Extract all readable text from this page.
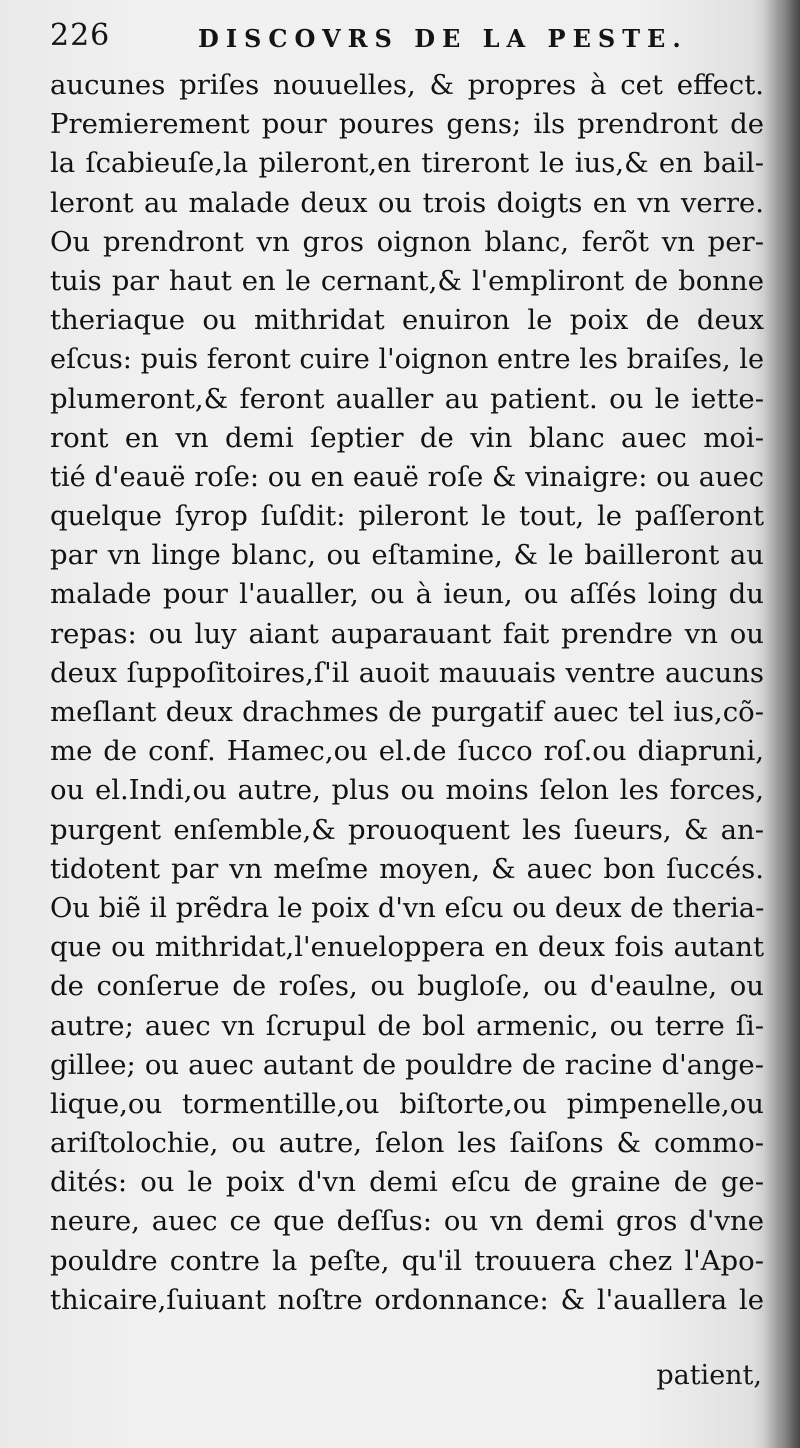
226	DISCOVRS DE LA PESTE.
aucunes priſes nouuelles, & propres à cet effect.
Premierement pour poures gens; ils prendront de
la ſcabieuſe,la pileront,en tireront le ius,& en bail-
leront au malade deux ou trois doigts en vn verre.
Ou prendront vn gros oignon blanc, ferõt vn per-
tuis par haut en le cernant,& l'empliront de bonne
theriaque ou mithridat enuiron le poix de deux
eſcus: puis feront cuire l'oignon entre les braiſes, le
plumeront,& feront aualler au patient. ou le iette-
ront en vn demi ſeptier de vin blanc auec moi-
tié d'eauë roſe: ou en eauë roſe & vinaigre: ou auec
quelque ſyrop ſuſdit: pileront le tout, le paſſeront
par vn linge blanc, ou eſtamine, & le bailleront au
malade pour l'aualler, ou à ieun, ou aſſés loing du
repas: ou luy aiant auparauant fait prendre vn ou
deux ſuppoſitoires,ſ'il auoit mauuais ventre aucuns
meſlant deux drachmes de purgatif auec tel ius,cõ-
me de conf. Hamec,ou el.de ſucco roſ.ou diapruni,
ou el.Indi,ou autre, plus ou moins ſelon les forces,
purgent enſemble,& prouoquent les ſueurs, & an-
tidotent par vn meſme moyen, & auec bon ſuccés.
Ou biẽ il prẽdra le poix d'vn eſcu ou deux de theria-
que ou mithridat,l'enueloppera en deux fois autant
de conſerue de roſes, ou bugloſe, ou d'eaulne, ou
autre; auec vn ſcrupul de bol armenic, ou terre ſi-
gillee; ou auec autant de pouldre de racine d'ange-
lique,ou tormentille,ou biſtorte,ou pimpenelle,ou
ariſtolochie, ou autre, ſelon les ſaiſons & commo-
dités: ou le poix d'vn demi eſcu de graine de ge-
neure, auec ce que deſſus: ou vn demi gros d'vne
pouldre contre la peſte, qu'il trouuera chez l'Apo-
thicaire,ſuiuant noſtre ordonnance: & l'auallera le
patient,
